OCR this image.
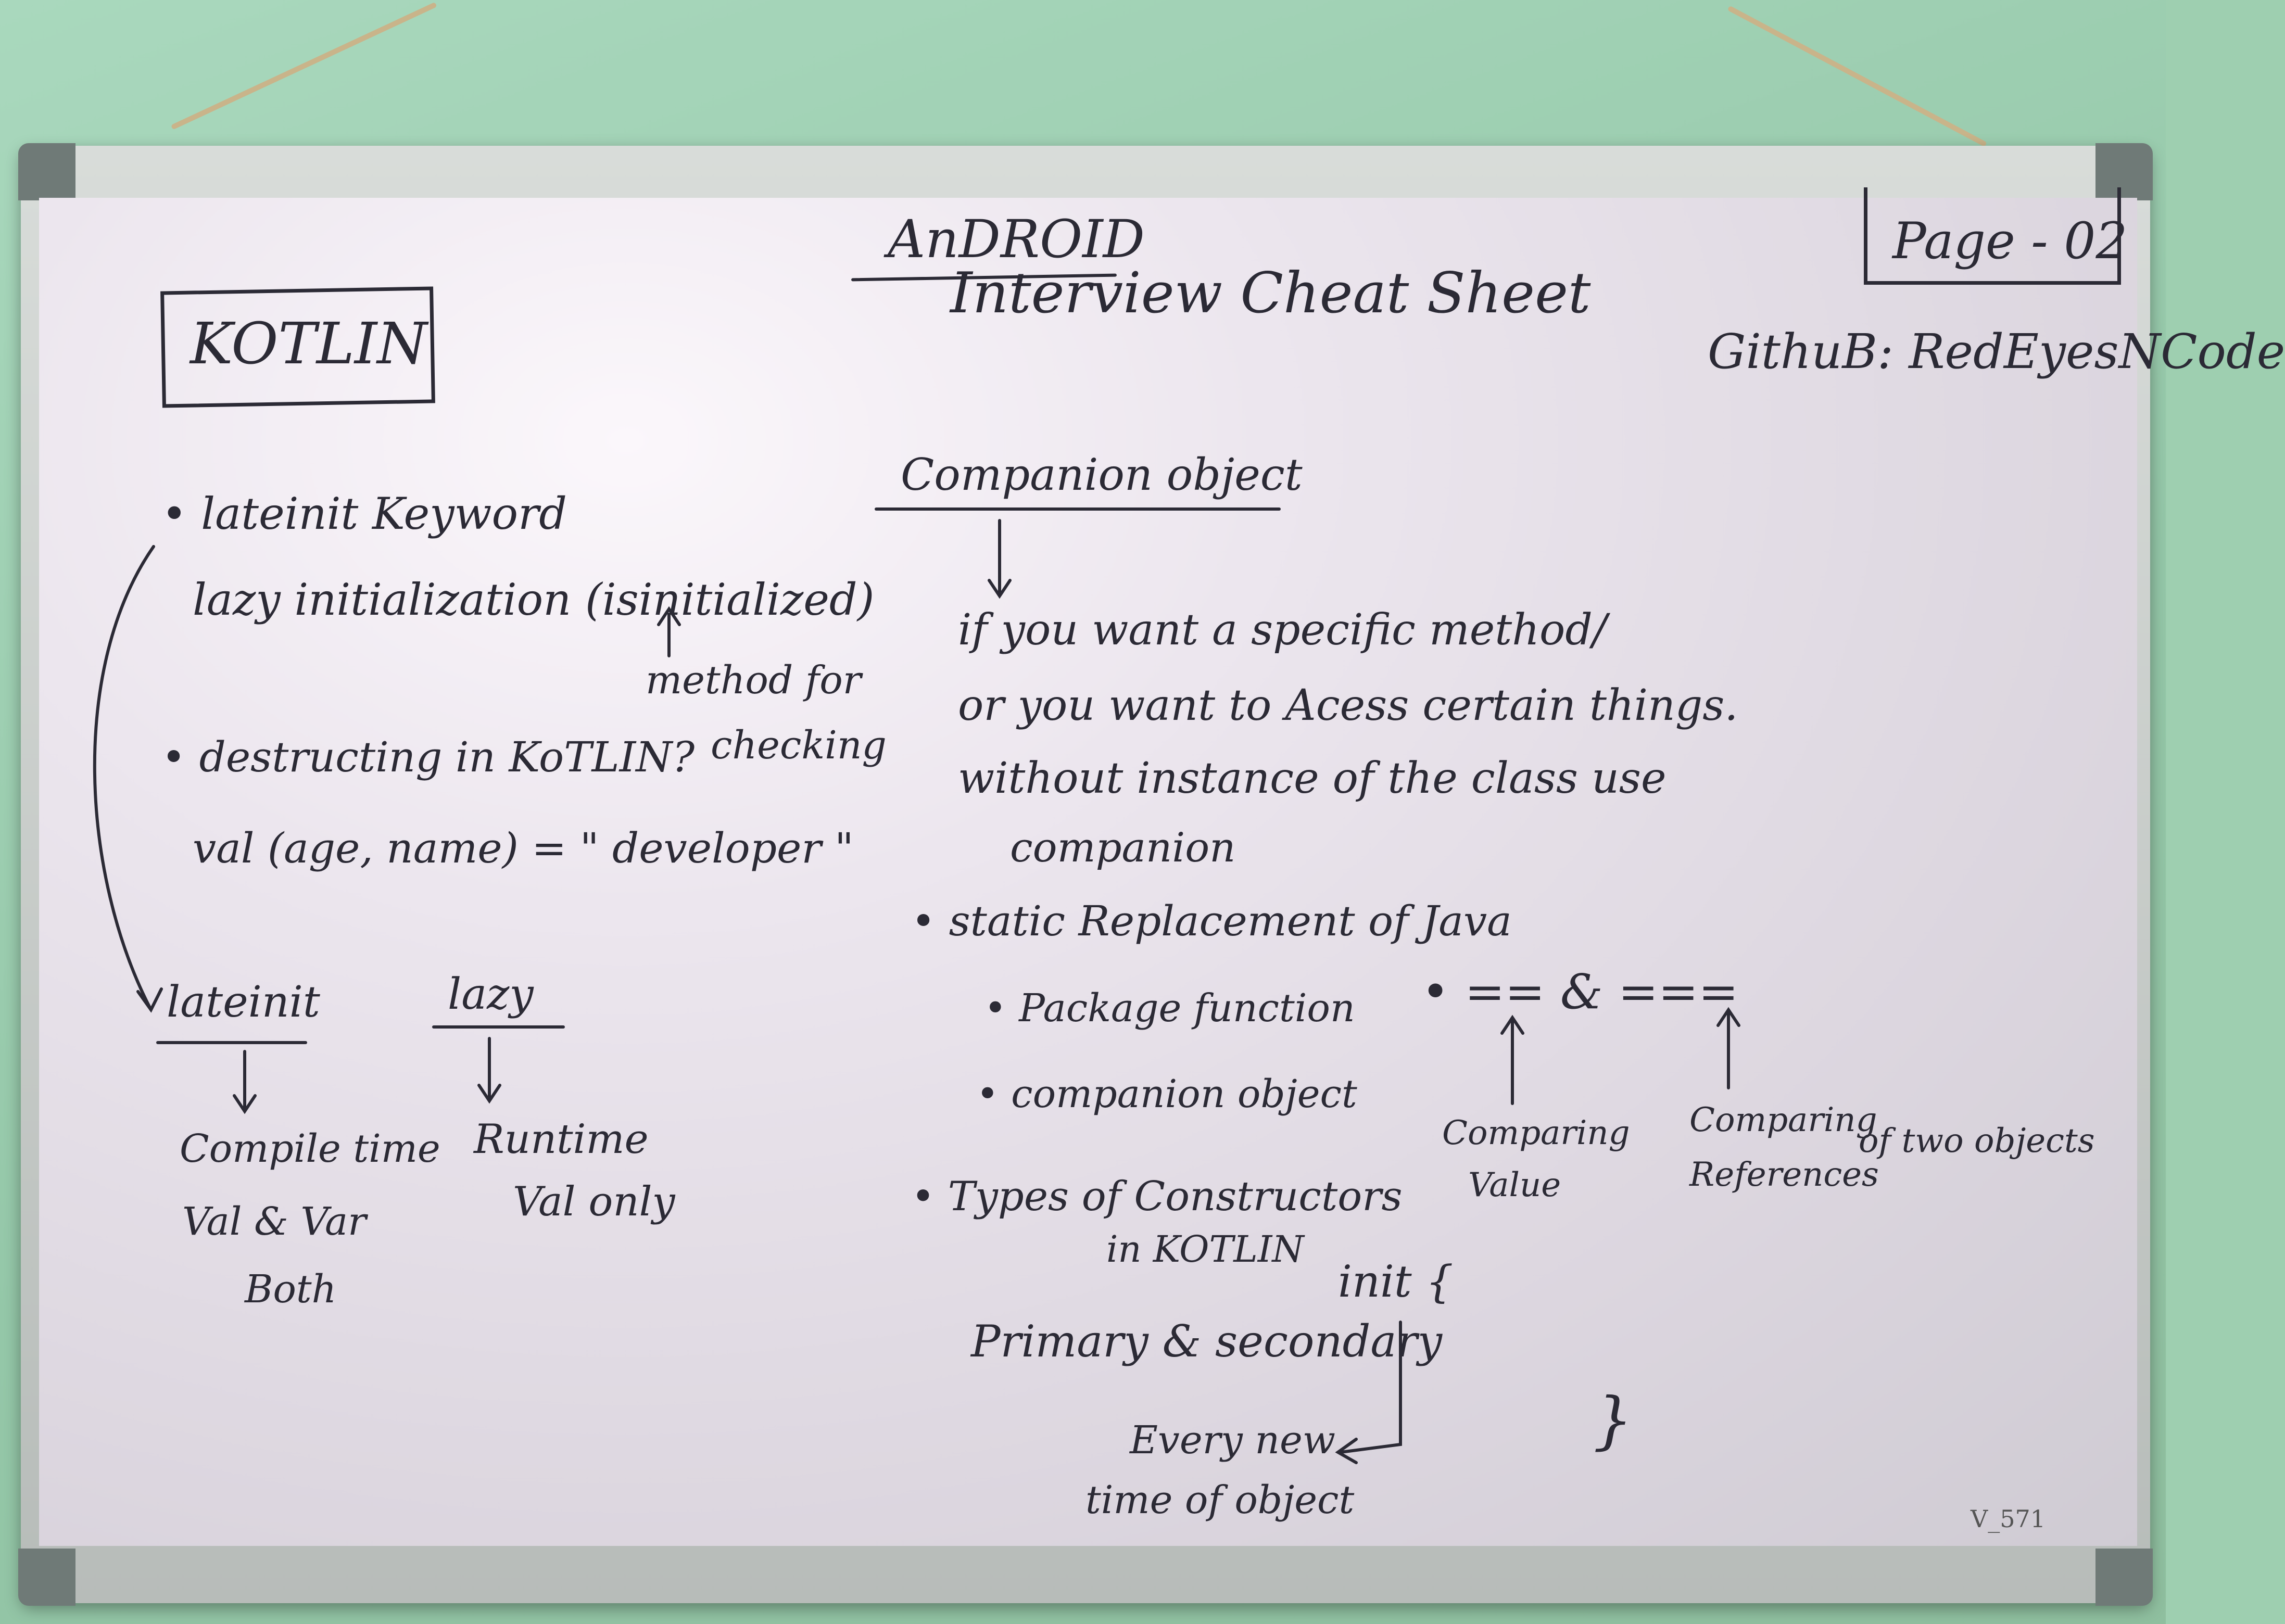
AnDROID
Interview Cheat Sheet
Page - 02
GithuB: RedEyesNCode
KOTLIN
• lateinit Keyword
lazy initialization (isinitialized)
method for
checking
• destructing in KoTLIN?
val (age, name) = " developer "
lateinit	lazy
Compile time
Val & Var
Both
Runtime
Val only
Companion object
if you want a specific method/
or you want to Acess certain things.
without instance of the class use
companion
• static Replacement of Java
• Package function
• companion object
• Types of Constructors
in KOTLIN
Primary & secondary
init {
}
Every new
time of object
• == & ===
Comparing
Value
Comparing
References
of two objects
V_571
